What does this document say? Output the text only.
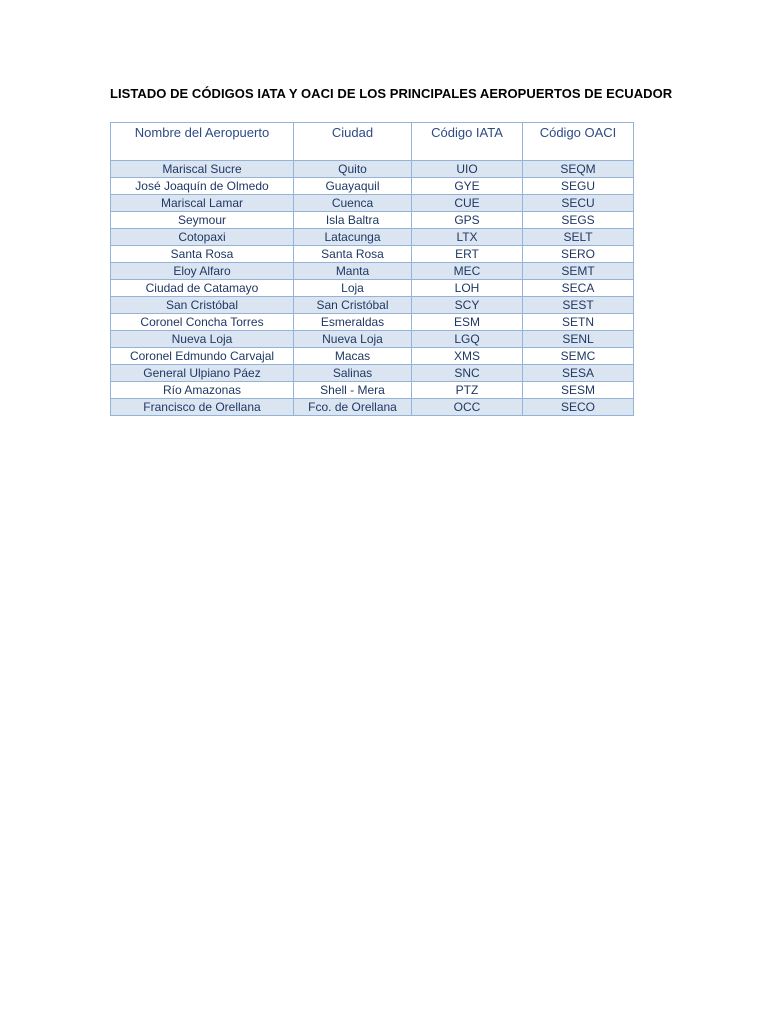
LISTADO DE CÓDIGOS IATA Y OACI DE LOS PRINCIPALES AEROPUERTOS DE ECUADOR
Nombre del Aeropuerto	Ciudad	Código IATA	Código OACI
Mariscal Sucre	Quito	UIO	SEQM
José Joaquín de Olmedo	Guayaquil	GYE	SEGU
Mariscal Lamar	Cuenca	CUE	SECU
Seymour	Isla Baltra	GPS	SEGS
Cotopaxi	Latacunga	LTX	SELT
Santa Rosa	Santa Rosa	ERT	SERO
Eloy Alfaro	Manta	MEC	SEMT
Ciudad de Catamayo	Loja	LOH	SECA
San Cristóbal	San Cristóbal	SCY	SEST
Coronel Concha Torres	Esmeraldas	ESM	SETN
Nueva Loja	Nueva Loja	LGQ	SENL
Coronel Edmundo Carvajal	Macas	XMS	SEMC
General Ulpiano Páez	Salinas	SNC	SESA
Río Amazonas	Shell - Mera	PTZ	SESM
Francisco de Orellana	Fco. de Orellana	OCC	SECO
